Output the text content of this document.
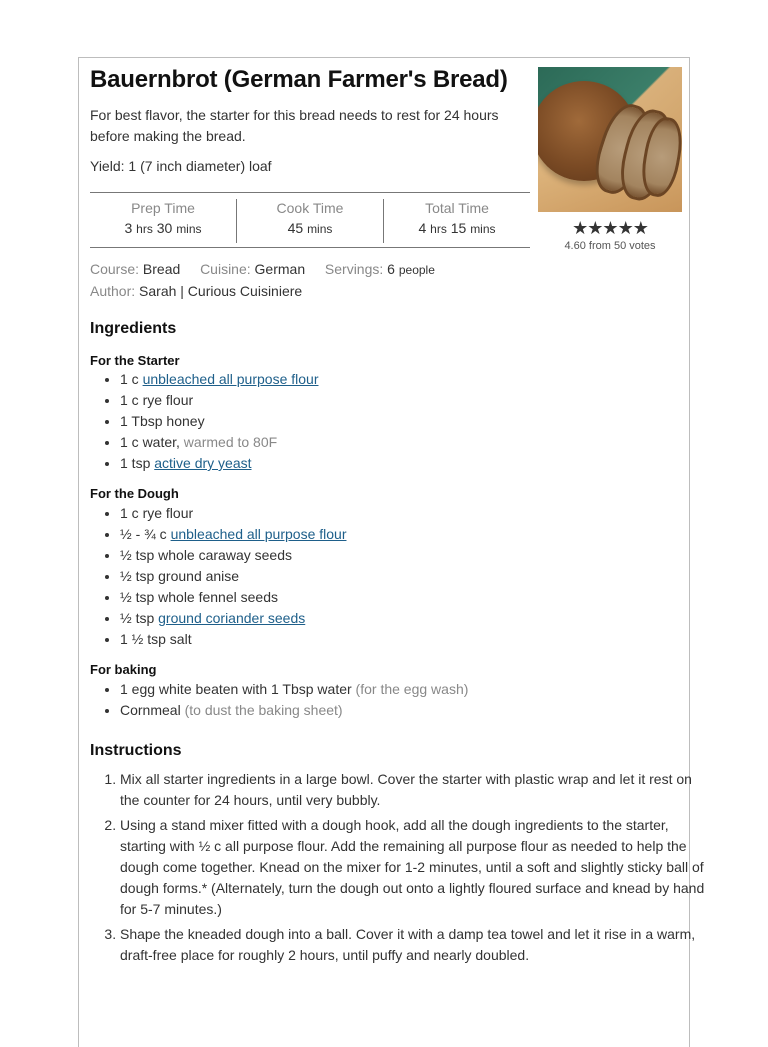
Bauernbrot (German Farmer's Bread)
For best flavor, the starter for this bread needs to rest for 24 hours before making the bread.
Yield: 1 (7 inch diameter) loaf
★★★★★
4.60 from 50 votes
Prep Time
3 hrs 30 mins
Cook Time
45 mins
Total Time
4 hrs 15 mins
Course: Bread Cuisine: German Servings: 6 people
Author: Sarah | Curious Cuisiniere
Ingredients
For the Starter
• 1 c unbleached all purpose flour
• 1 c rye flour
• 1 Tbsp honey
• 1 c water, warmed to 80F
• 1 tsp active dry yeast
For the Dough
• 1 c rye flour
• ½ - ¾ c unbleached all purpose flour
• ½ tsp whole caraway seeds
• ½ tsp ground anise
• ½ tsp whole fennel seeds
• ½ tsp ground coriander seeds
• 1 ½ tsp salt
For baking
• 1 egg white beaten with 1 Tbsp water (for the egg wash)
• Cornmeal (to dust the baking sheet)
Instructions
1. Mix all starter ingredients in a large bowl. Cover the starter with plastic wrap and let it rest on the counter for 24 hours, until very bubbly.
2. Using a stand mixer fitted with a dough hook, add all the dough ingredients to the starter, starting with ½ c all purpose flour. Add the remaining all purpose flour as needed to help the dough come together. Knead on the mixer for 1-2 minutes, until a soft and slightly sticky ball of dough forms.* (Alternately, turn the dough out onto a lightly floured surface and knead by hand for 5-7 minutes.)
3. Shape the kneaded dough into a ball. Cover it with a damp tea towel and let it rise in a warm, draft-free place for roughly 2 hours, until puffy and nearly doubled.
